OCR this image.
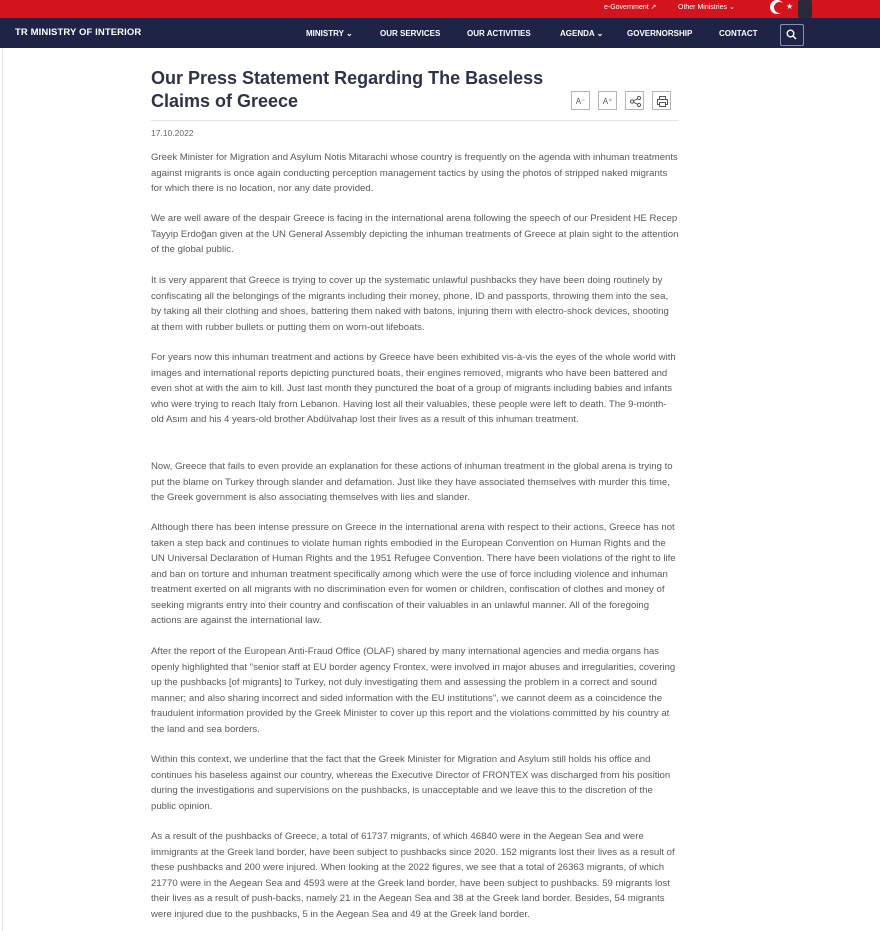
e-Government ↗	Other Ministries ⌄	★
TR MINISTRY OF INTERIOR	MINISTRY ⌄	OUR SERVICES	OUR ACTIVITIES	AGENDA ⌄	GOVERNORSHIP	CONTACT
Our Press Statement Regarding The Baseless
Claims of Greece	A⁻	A⁺
17.10.2022

Greek Minister for Migration and Asylum Notis Mitarachi whose country is frequently on the agenda with inhuman treatments against migrants is once again conducting perception management tactics by using the photos of stripped naked migrants for which there is no location, nor any date provided.

We are well aware of the despair Greece is facing in the international arena following the speech of our President HE Recep Tayyip Erdoğan given at the UN General Assembly depicting the inhuman treatments of Greece at plain sight to the attention of the global public.

It is very apparent that Greece is trying to cover up the systematic unlawful pushbacks they have been doing routinely by confiscating all the belongings of the migrants including their money, phone, ID and passports, throwing them into the sea, by taking all their clothing and shoes, battering them naked with batons, injuring them with electro-shock devices, shooting at them with rubber bullets or putting them on worn-out lifeboats.

For years now this inhuman treatment and actions by Greece have been exhibited vis-à-vis the eyes of the whole world with images and international reports depicting punctured boats, their engines removed, migrants who have been battered and even shot at with the aim to kill. Just last month they punctured the boat of a group of migrants including babies and infants who were trying to reach Italy from Lebanon. Having lost all their valuables, these people were left to death. The 9-month-old Asım and his 4 years-old brother Abdülvahap lost their lives as a result of this inhuman treatment.

Now, Greece that fails to even provide an explanation for these actions of inhuman treatment in the global arena is trying to put the blame on Turkey through slander and defamation. Just like they have associated themselves with murder this time, the Greek government is also associating themselves with lies and slander.

Although there has been intense pressure on Greece in the international arena with respect to their actions, Greece has not taken a step back and continues to violate human rights embodied in the European Convention on Human Rights and the UN Universal Declaration of Human Rights and the 1951 Refugee Convention. There have been violations of the right to life and ban on torture and inhuman treatment specifically among which were the use of force including violence and inhuman treatment exerted on all migrants with no discrimination even for women or children, confiscation of clothes and money of seeking migrants entry into their country and confiscation of their valuables in an unlawful manner. All of the foregoing actions are against the international law.

After the report of the European Anti-Fraud Office (OLAF) shared by many international agencies and media organs has openly highlighted that "senior staff at EU border agency Frontex, were involved in major abuses and irregularities, covering up the pushbacks [of migrants] to Turkey, not duly investigating them and assessing the problem in a correct and sound manner; and also sharing incorrect and sided information with the EU institutions", we cannot deem as a coincidence the fraudulent information provided by the Greek Minister to cover up this report and the violations committed by his country at the land and sea borders.

Within this context, we underline that the fact that the Greek Minister for Migration and Asylum still holds his office and continues his baseless against our country, whereas the Executive Director of FRONTEX was discharged from his position during the investigations and supervisions on the pushbacks, is unacceptable and we leave this to the discretion of the public opinion.

As a result of the pushbacks of Greece, a total of 61737 migrants, of which 46840 were in the Aegean Sea and were immigrants at the Greek land border, have been subject to pushbacks since 2020. 152 migrants lost their lives as a result of these pushbacks and 200 were injured. When looking at the 2022 figures, we see that a total of 26363 migrants, of which 21770 were in the Aegean Sea and 4593 were at the Greek land border, have been subject to pushbacks. 59 migrants lost their lives as a result of push-backs, namely 21 in the Aegean Sea and 38 at the Greek land border. Besides, 54 migrants were injured due to the pushbacks, 5 in the Aegean Sea and 49 at the Greek land border.
